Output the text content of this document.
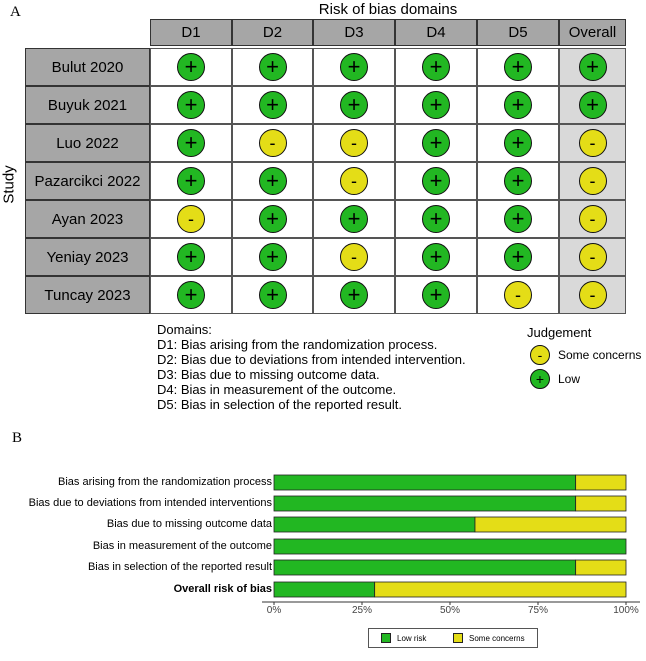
A	Risk of bias domains
Study
D1	D2	D3	D4	D5	Overall
Bulut 2020	+	+	+	+	+	+
Buyuk 2021	+	+	+	+	+	+
Luo 2022	+	-	-	+	+	-
Pazarcikci 2022	+	+	-	+	+	-
Ayan 2023	-	+	+	+	+	-
Yeniay 2023	+	+	-	+	+	-
Tuncay 2023	+	+	+	+	-	-
Domains:
D1: Bias arising from the randomization process.
D2: Bias due to deviations from intended intervention.
D3: Bias due to missing outcome data.
D4: Bias in measurement of the outcome.
D5: Bias in selection of the reported result.
Judgement
-	Some concerns
+	Low
B
Bias arising from the randomization process
Bias due to deviations from intended interventions
Bias due to missing outcome data
Bias in measurement of the outcome
Bias in selection of the reported result
Overall risk of bias
0%	25%	50%	75%	100%
Low risk	Some concerns
